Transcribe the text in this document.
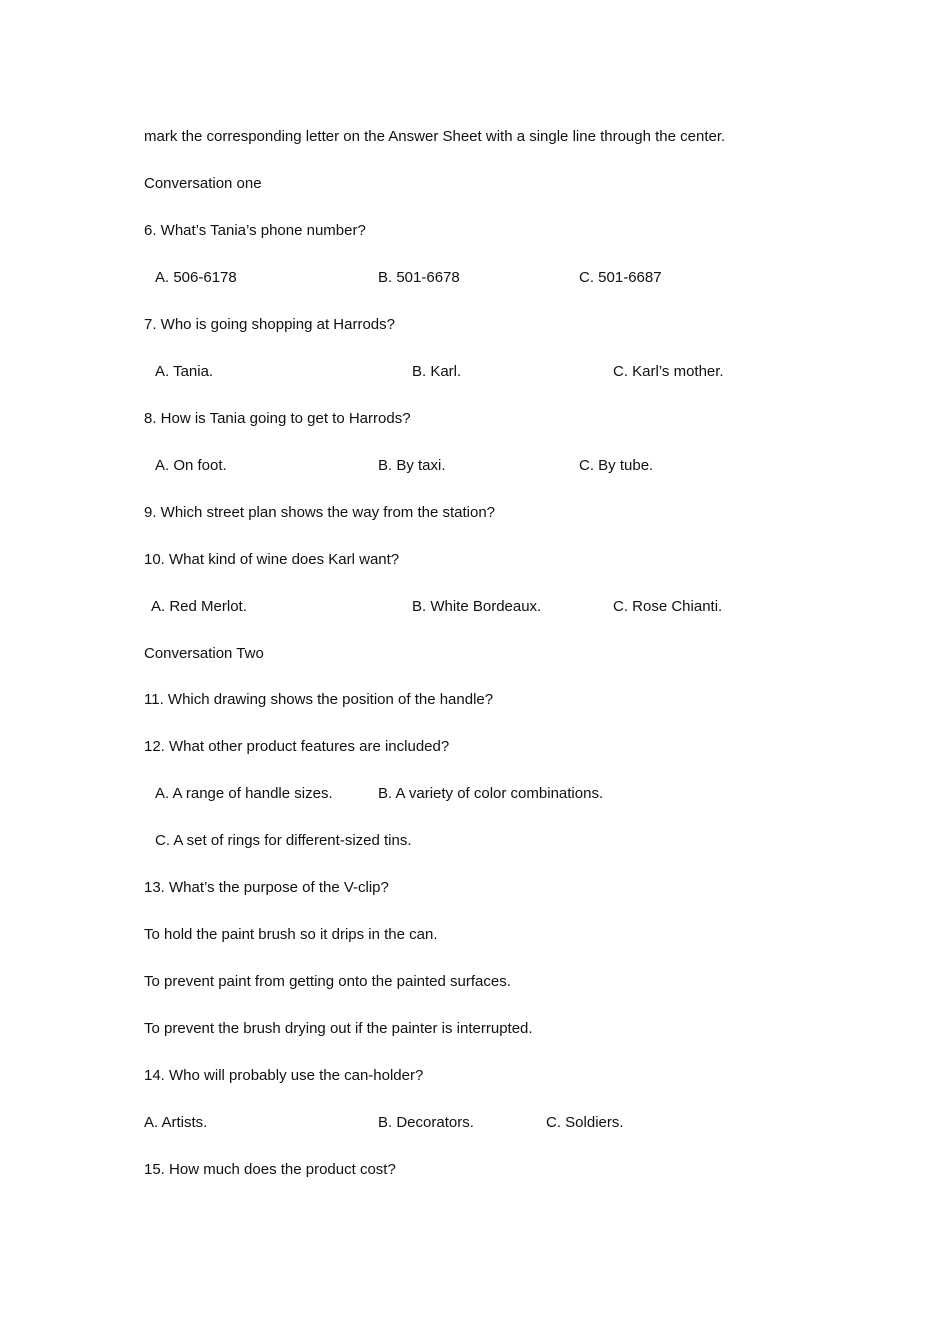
mark the corresponding letter on the Answer Sheet with a single line through the center.
Conversation one
6. What’s Tania’s phone number?
A. 506-6178	B. 501-6678	C. 501-6687
7. Who is going shopping at Harrods?
A. Tania.	B. Karl.	C. Karl’s mother.
8. How is Tania going to get to Harrods?
A. On foot.	B. By taxi.	C. By tube.
9. Which street plan shows the way from the station?
10. What kind of wine does Karl want?
A. Red Merlot.	B. White Bordeaux.	C. Rose Chianti.
Conversation Two
11. Which drawing shows the position of the handle?
12. What other product features are included?
A. A range of handle sizes.	B. A variety of color combinations.
C. A set of rings for different-sized tins.
13. What’s the purpose of the V-clip?
To hold the paint brush so it drips in the can.
To prevent paint from getting onto the painted surfaces.
To prevent the brush drying out if the painter is interrupted.
14. Who will probably use the can-holder?
A. Artists.	B. Decorators.	C. Soldiers.
15. How much does the product cost?
